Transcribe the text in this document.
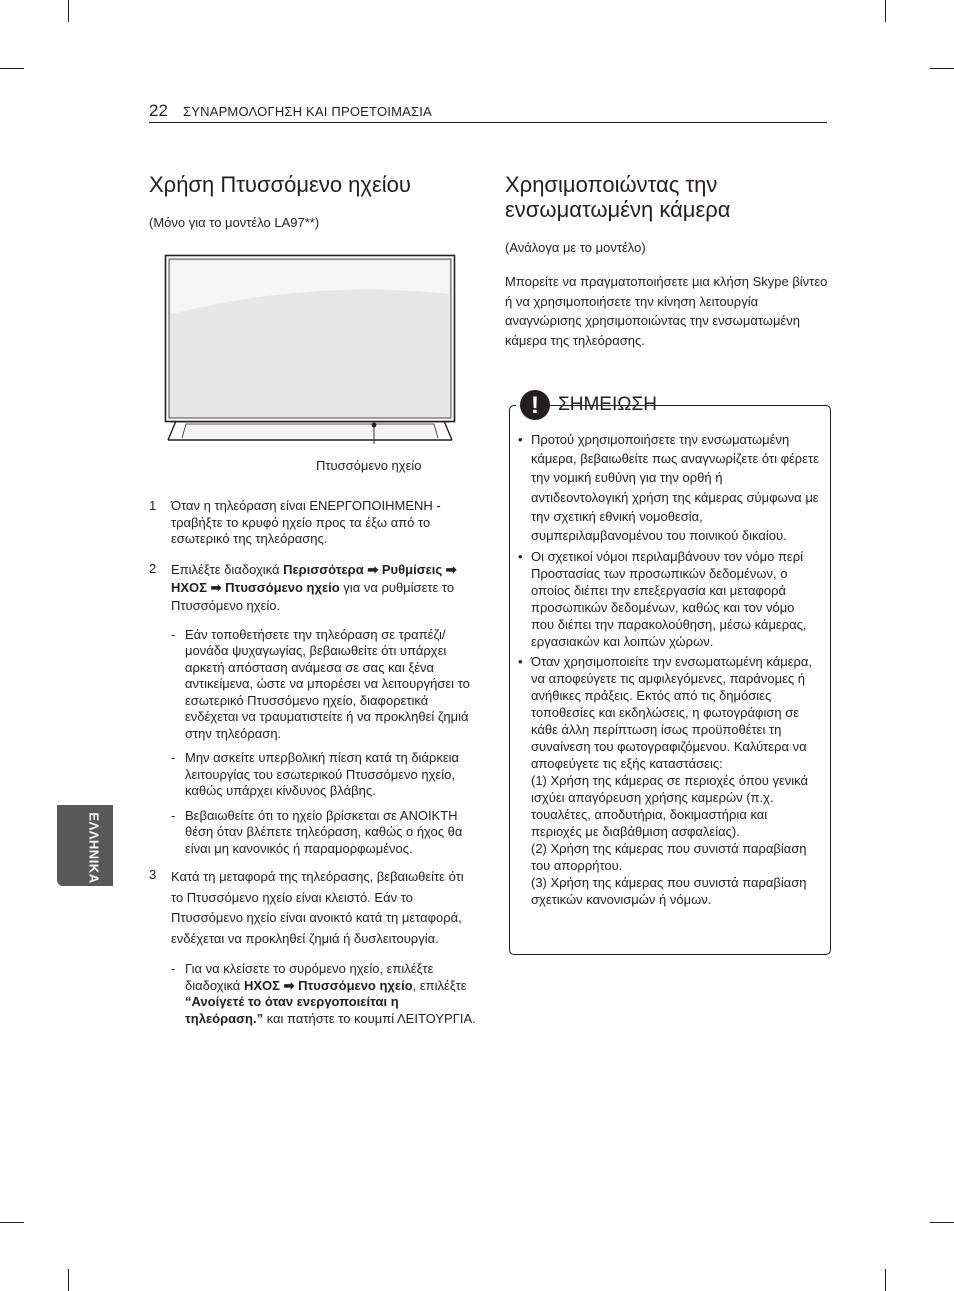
22 ΣΥΝΑΡΜΟΛΟΓΗΣΗ ΚΑΙ ΠΡΟΕΤΟΙΜΑΣΙΑ
ΕΛΛΗΝΙΚΑ
Χρήση Πτυσσόμενο ηχείου
(Μόνο για το μοντέλο LA97**)
Πτυσσόμενο ηχείο
1 Όταν η τηλεόραση είναι ΕΝΕΡΓΟΠΟΙΗΜΕΝΗ - τραβήξτε το κρυφό ηχείο προς τα έξω από το εσωτερικό της τηλεόρασης.
2 Επιλέξτε διαδοχικά Περισσότερα ➡ Ρυθμίσεις ➡ ΗΧΟΣ ➡ Πτυσσόμενο ηχείο για να ρυθμίσετε το Πτυσσόμενο ηχείο.
- Εάν τοποθετήσετε την τηλεόραση σε τραπέζι/μονάδα ψυχαγωγίας, βεβαιωθείτε ότι υπάρχει αρκετή απόσταση ανάμεσα σε σας και ξένα αντικείμενα, ώστε να μπορέσει να λειτουργήσει το εσωτερικό Πτυσσόμενο ηχείο, διαφορετικά ενδέχεται να τραυματιστείτε ή να προκληθεί ζημιά στην τηλεόραση.
- Μην ασκείτε υπερβολική πίεση κατά τη διάρκεια λειτουργίας του εσωτερικού Πτυσσόμενο ηχείο, καθώς υπάρχει κίνδυνος βλάβης.
- Βεβαιωθείτε ότι το ηχείο βρίσκεται σε ΑΝΟΙΚΤΗ θέση όταν βλέπετε τηλεόραση, καθώς ο ήχος θα είναι μη κανονικός ή παραμορφωμένος.
3 Κατά τη μεταφορά της τηλεόρασης, βεβαιωθείτε ότι το Πτυσσόμενο ηχείο είναι κλειστό. Εάν το Πτυσσόμενο ηχείο είναι ανοικτό κατά τη μεταφορά, ενδέχεται να προκληθεί ζημιά ή δυσλειτουργία.
- Για να κλείσετε το συρόμενο ηχείο, επιλέξτε διαδοχικά ΗΧΟΣ ➡ Πτυσσόμενο ηχείο, επιλέξτε “Ανοίγετέ το όταν ενεργοποιείται η τηλεόραση.” και πατήστε το κουμπί ΛΕΙΤΟΥΡΓΙΑ.
Χρησιμοποιώντας την ενσωματωμένη κάμερα
(Ανάλογα με το μοντέλο)
Μπορείτε να πραγματοποιήσετε μια κλήση Skype βίντεο ή να χρησιμοποιήσετε την κίνηση λειτουργία αναγνώρισης χρησιμοποιώντας την ενσωματωμένη κάμερα της τηλεόρασης.
!	ΣΗΜΕΙΩΣΗ
• Προτού χρησιμοποιήσετε την ενσωματωμένη κάμερα, βεβαιωθείτε πως αναγνωρίζετε ότι φέρετε την νομική ευθύνη για την ορθή ή αντιδεοντολογική χρήση της κάμερας σύμφωνα με την σχετική εθνική νομοθεσία, συμπεριλαμβανομένου του ποινικού δικαίου.
• Οι σχετικοί νόμοι περιλαμβάνουν τον νόμο περί Προστασίας των προσωπικών δεδομένων, ο οποίος διέπει την επεξεργασία και μεταφορά προσωπικών δεδομένων, καθώς και τον νόμο που διέπει την παρακολούθηση, μέσω κάμερας, εργασιακών και λοιπών χώρων.
• Όταν χρησιμοποιείτε την ενσωματωμένη κάμερα, να αποφεύγετε τις αμφιλεγόμενες, παράνομες ή ανήθικες πράξεις. Εκτός από τις δημόσιες τοποθεσίες και εκδηλώσεις, η φωτογράφιση σε κάθε άλλη περίπτωση ίσως προϋποθέτει τη συναίνεση του φωτογραφιζόμενου. Καλύτερα να αποφεύγετε τις εξής καταστάσεις:
(1) Χρήση της κάμερας σε περιοχές όπου γενικά ισχύει απαγόρευση χρήσης καμερών (π.χ. τουαλέτες, αποδυτήρια, δοκιμαστήρια και περιοχές με διαβάθμιση ασφαλείας).
(2) Χρήση της κάμερας που συνιστά παραβίαση του απορρήτου.
(3) Χρήση της κάμερας που συνιστά παραβίαση σχετικών κανονισμών ή νόμων.
